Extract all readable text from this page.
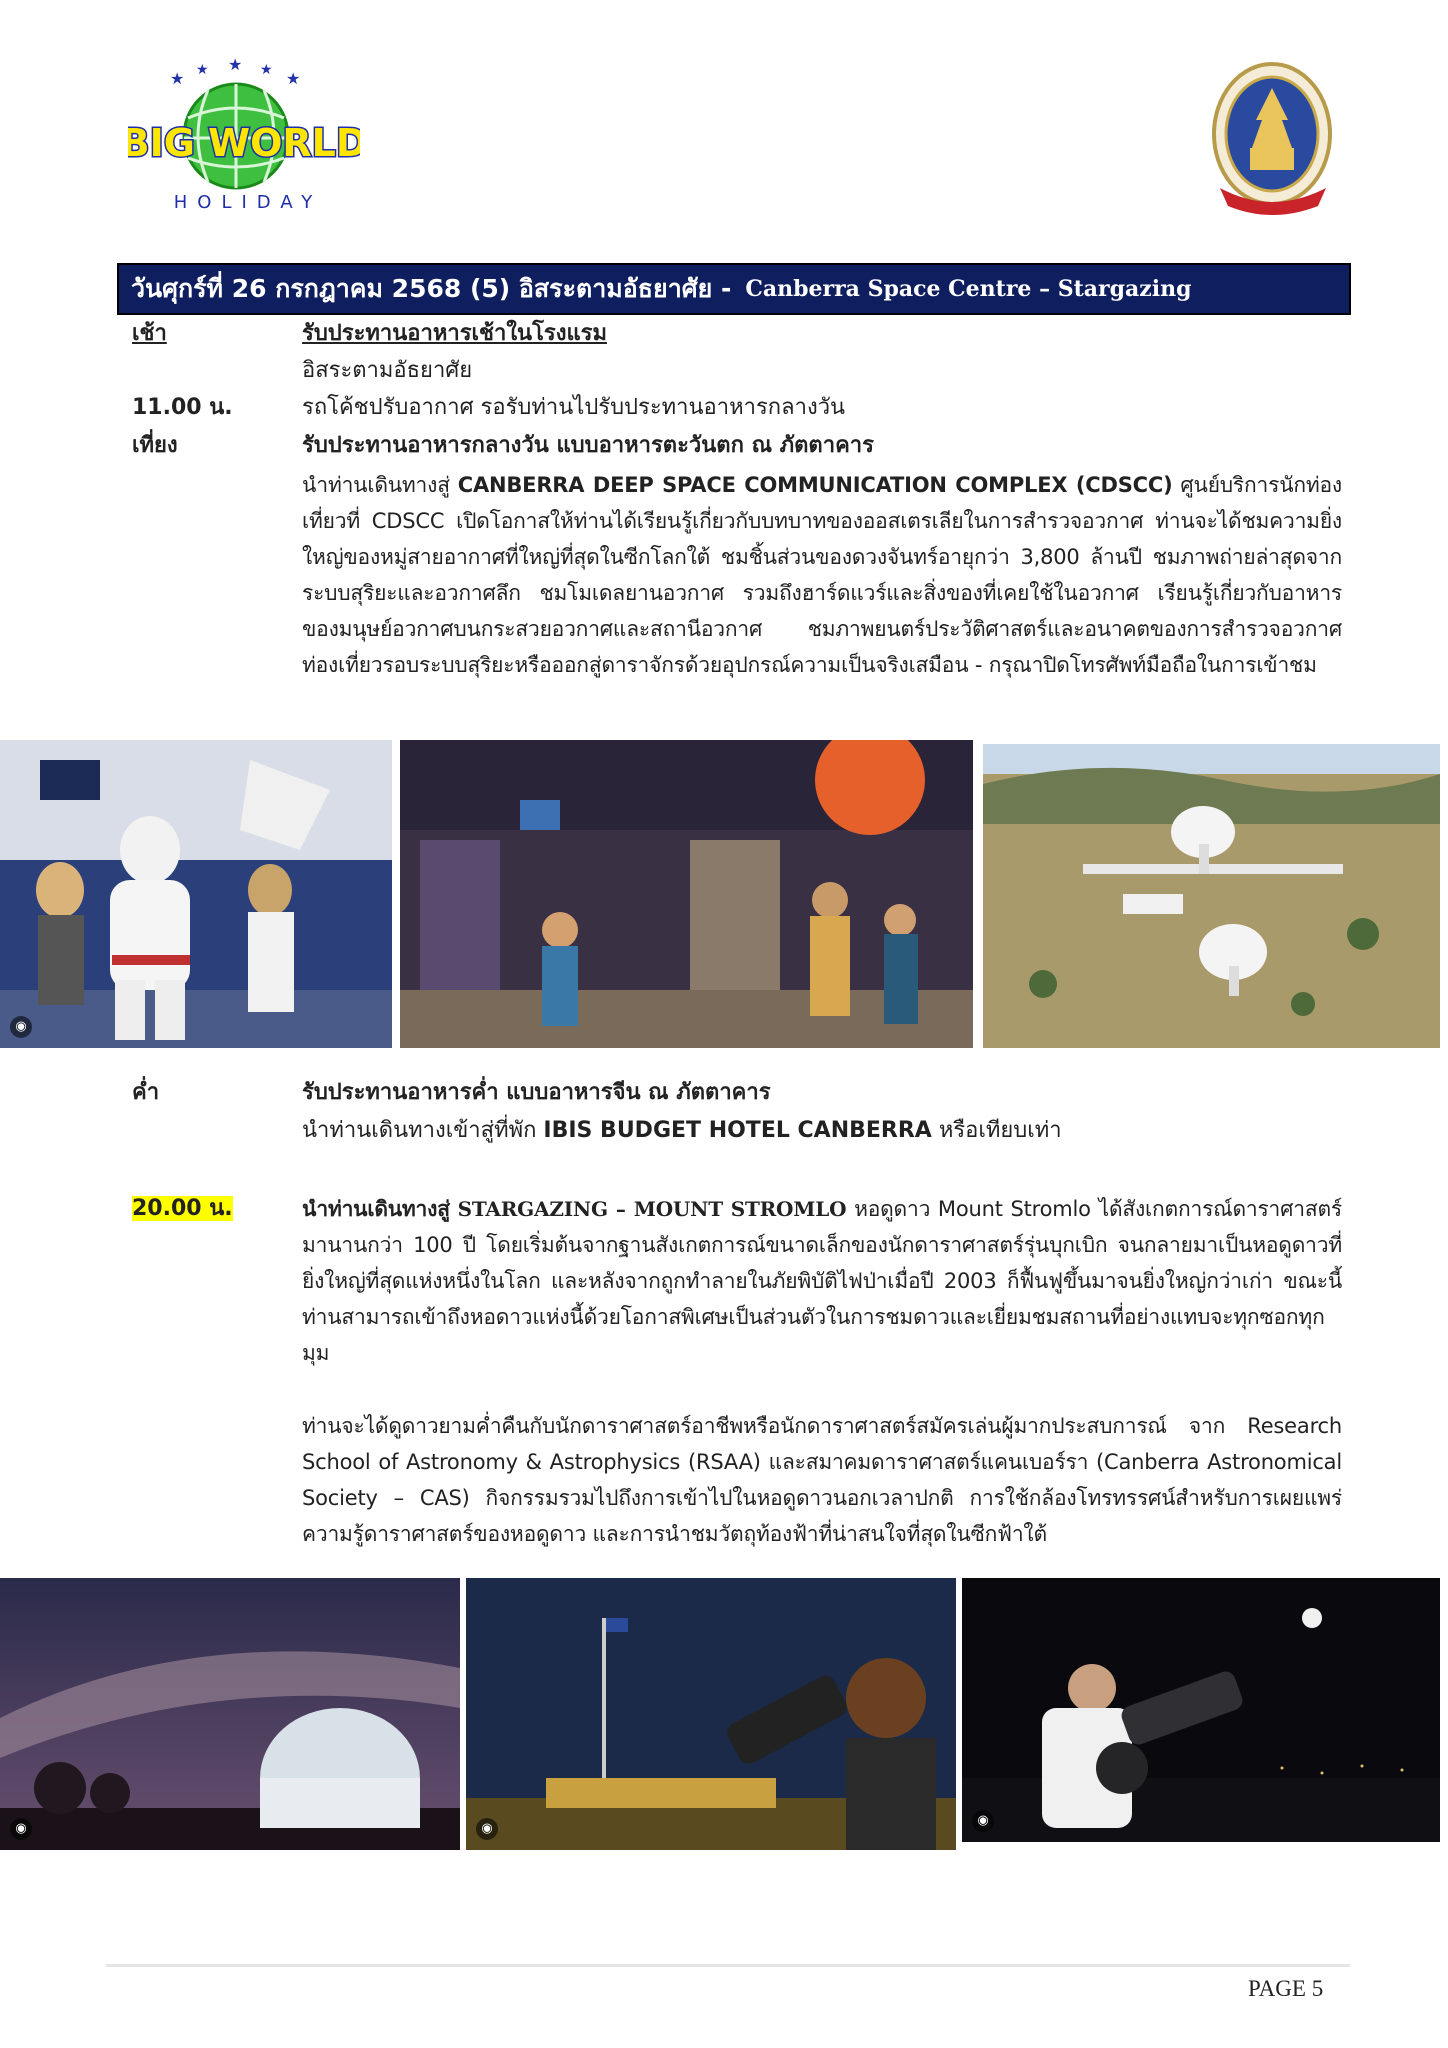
★ ★ ★ ★ ★
BIG WORLD
HOLIDAY
วันศุกร์ที่ 26 กรกฎาคม 2568 (5) อิสระตามอัธยาศัย - Canberra Space Centre – Stargazing
เช้า	รับประทานอาหารเช้าในโรงแรม
อิสระตามอัธยาศัย
11.00 น.	รถโค้ชปรับอากาศ รอรับท่านไปรับประทานอาหารกลางวัน
เที่ยง	รับประทานอาหารกลางวัน แบบอาหารตะวันตก ณ ภัตตาคาร

นำท่านเดินทางสู่ CANBERRA DEEP SPACE COMMUNICATION COMPLEX (CDSCC) ศูนย์บริการนักท่องเที่ยวที่ CDSCC เปิดโอกาสให้ท่านได้เรียนรู้เกี่ยวกับบทบาทของออสเตรเลียในการสำรวจอวกาศ ท่านจะได้ชมความยิ่งใหญ่ของหมู่สายอากาศที่ใหญ่ที่สุดในซีกโลกใต้ ชมชิ้นส่วนของดวงจันทร์อายุกว่า 3,800 ล้านปี ชมภาพถ่ายล่าสุดจากระบบสุริยะและอวกาศลึก ชมโมเดลยานอวกาศ รวมถึงฮาร์ดแวร์และสิ่งของที่เคยใช้ในอวกาศ เรียนรู้เกี่ยวกับอาหารของมนุษย์อวกาศบนกระสวยอวกาศและสถานีอวกาศ ชมภาพยนตร์ประวัติศาสตร์และอนาคตของการสำรวจอวกาศ ท่องเที่ยวรอบระบบสุริยะหรือออกสู่ดาราจักรด้วยอุปกรณ์ความเป็นจริงเสมือน - กรุณาปิดโทรศัพท์มือถือในการเข้าชม

◉
ค่ำ	รับประทานอาหารค่ำ แบบอาหารจีน ณ ภัตตาคาร
นำท่านเดินทางเข้าสู่ที่พัก IBIS BUDGET HOTEL CANBERRA หรือเทียบเท่า
20.00 น.	นำท่านเดินทางสู่ STARGAZING – MOUNT STROMLO หอดูดาว Mount Stromlo ได้สังเกตการณ์ดาราศาสตร์มานานกว่า 100 ปี โดยเริ่มต้นจากฐานสังเกตการณ์ขนาดเล็กของนักดาราศาสตร์รุ่นบุกเบิก จนกลายมาเป็นหอดูดาวที่ยิ่งใหญ่ที่สุดแห่งหนึ่งในโลก และหลังจากถูกทำลายในภัยพิบัติไฟป่าเมื่อปี 2003 ก็ฟื้นฟูขึ้นมาจนยิ่งใหญ่กว่าเก่า ขณะนี้ ท่านสามารถเข้าถึงหอดาวแห่งนี้ด้วยโอกาสพิเศษเป็นส่วนตัวในการชมดาวและเยี่ยมชมสถานที่อย่างแทบจะทุกซอกทุกมุม

ท่านจะได้ดูดาวยามค่ำคืนกับนักดาราศาสตร์อาชีพหรือนักดาราศาสตร์สมัครเล่นผู้มากประสบการณ์ จาก Research School of Astronomy & Astrophysics (RSAA) และสมาคมดาราศาสตร์แคนเบอร์รา (Canberra Astronomical Society – CAS) กิจกรรมรวมไปถึงการเข้าไปในหอดูดาวนอกเวลาปกติ การใช้กล้องโทรทรรศน์สำหรับการเผยแพร่ความรู้ดาราศาสตร์ของหอดูดาว และการนำชมวัตถุท้องฟ้าที่น่าสนใจที่สุดในซีกฟ้าใต้

◉	◉
◉
PAGE 5
